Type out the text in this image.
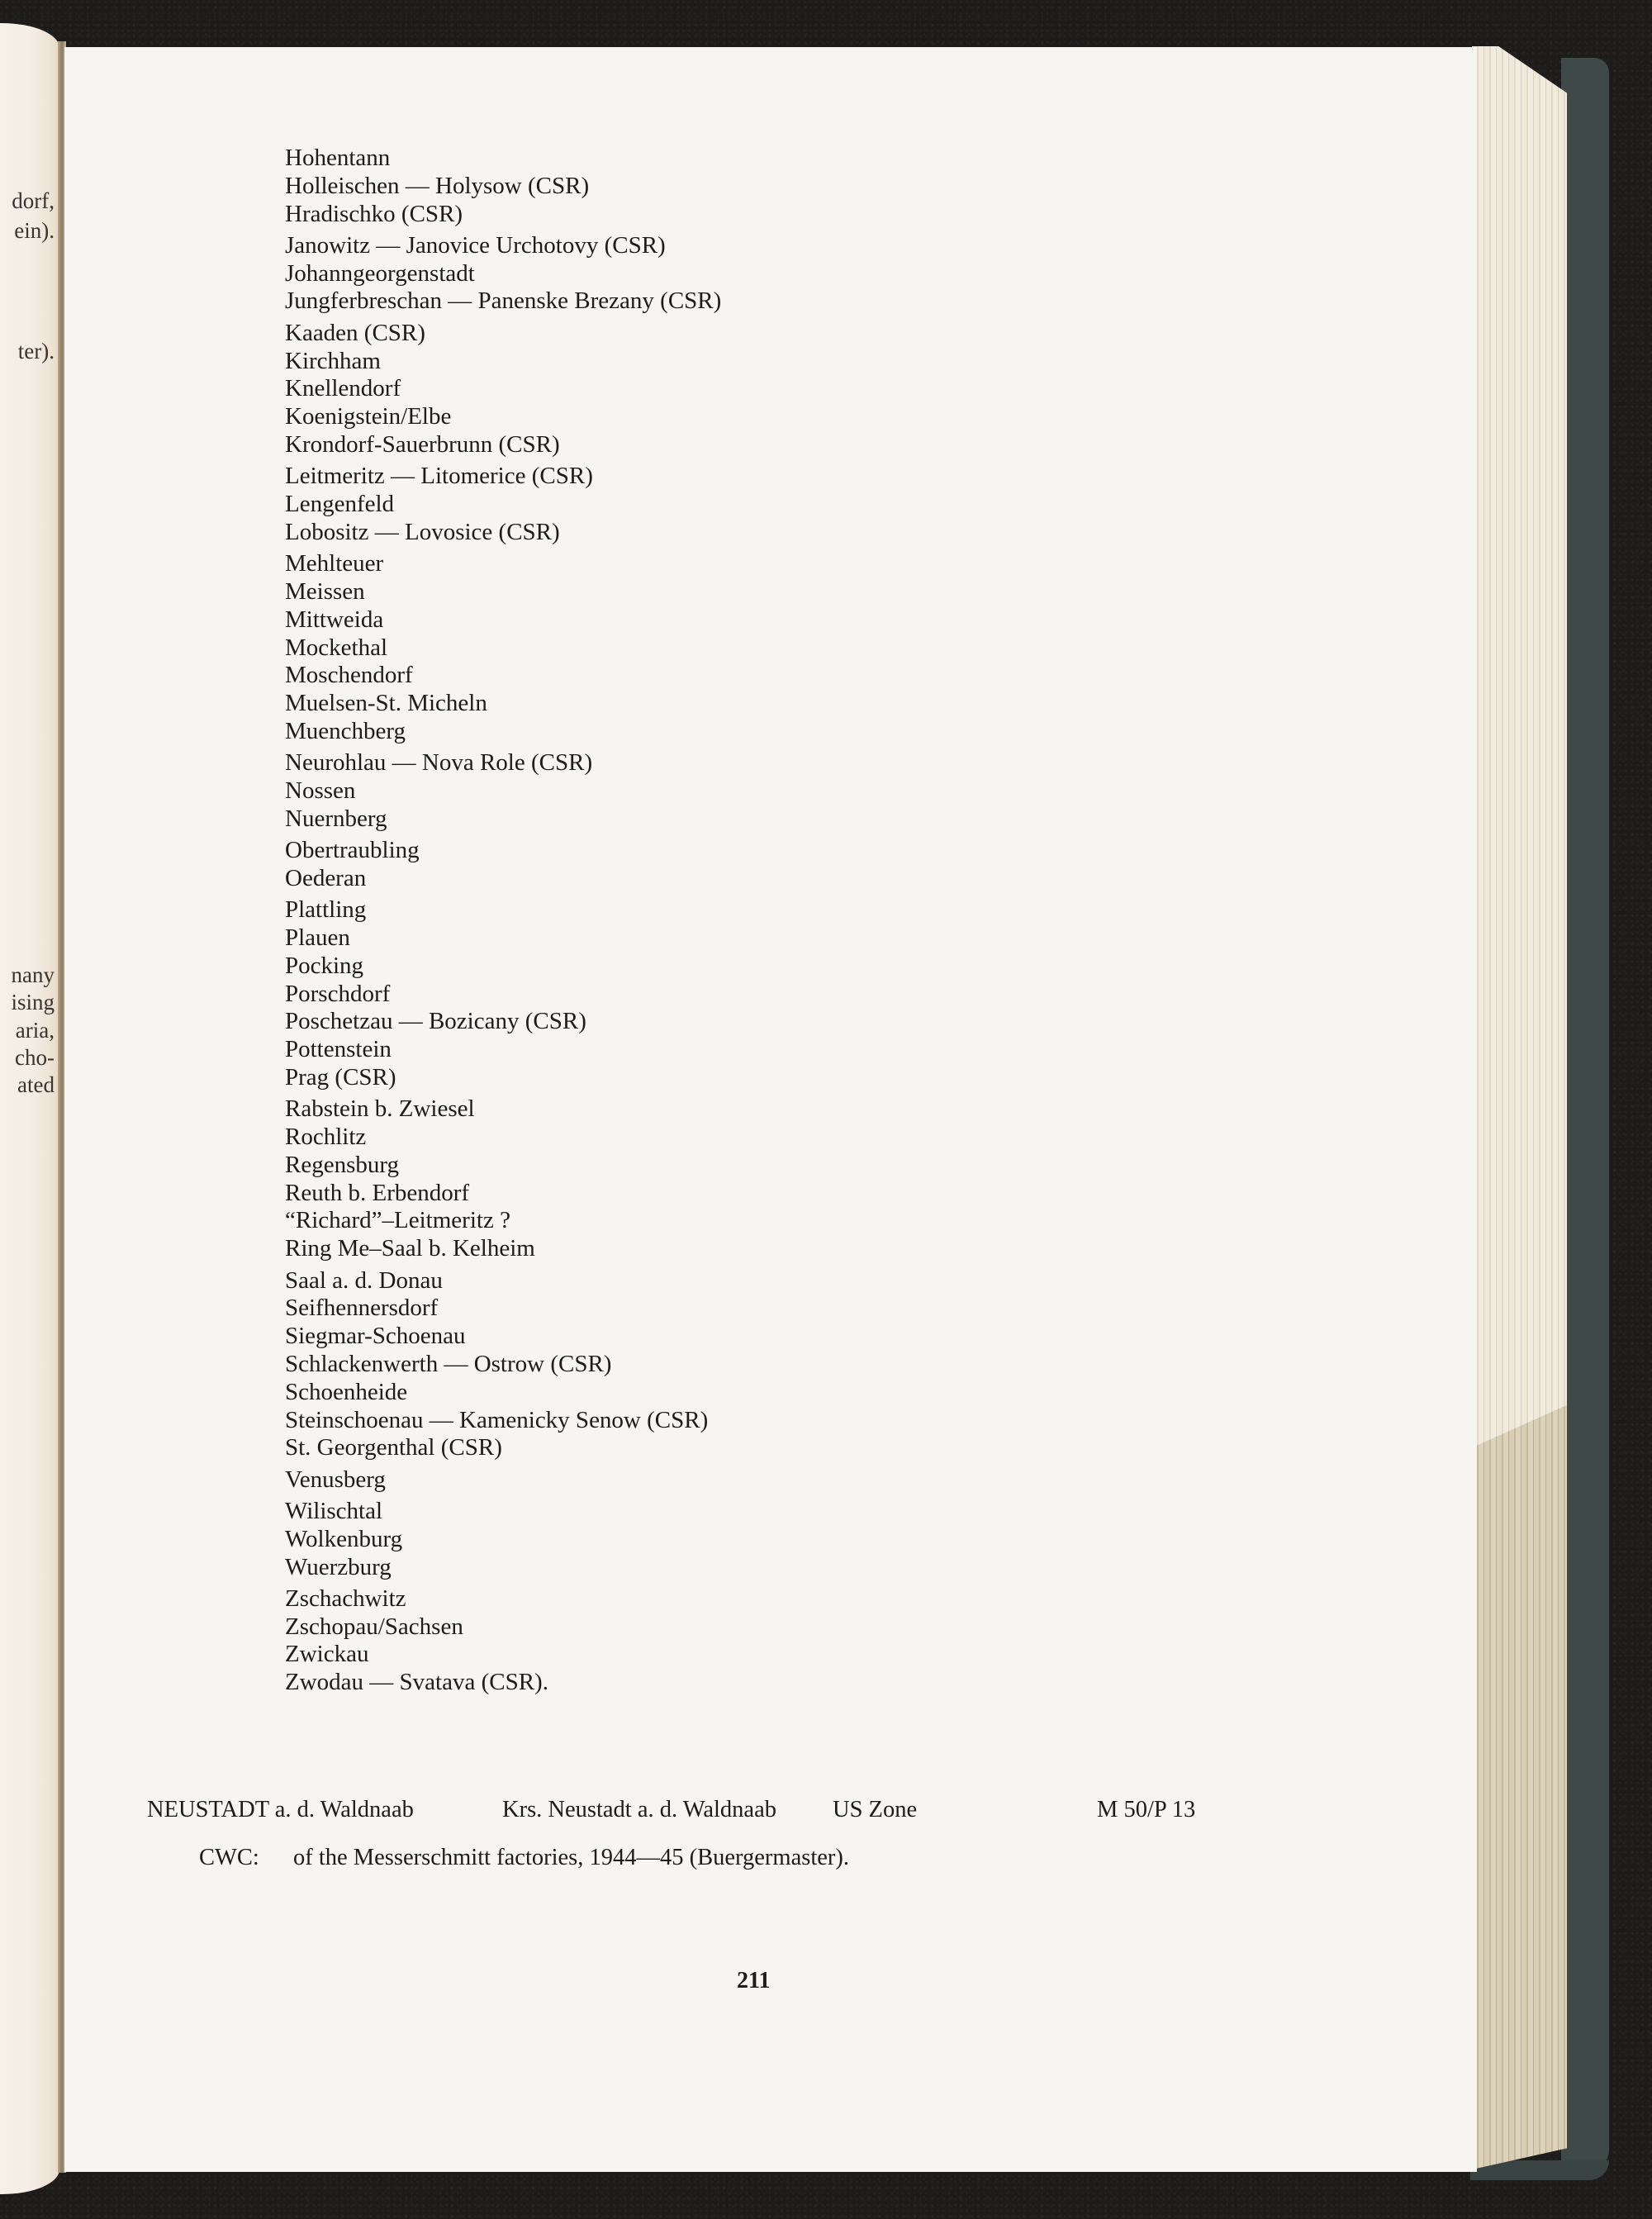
dorf,
ein).
ter).
nany
ising
aria,
cho-
ated
Hohentann
Holleischen — Holysow (CSR)
Hradischko (CSR)
Janowitz — Janovice Urchotovy (CSR)
Johanngeorgenstadt
Jungferbreschan — Panenske Brezany (CSR)
Kaaden (CSR)
Kirchham
Knellendorf
Koenigstein/Elbe
Krondorf-Sauerbrunn (CSR)
Leitmeritz — Litomerice (CSR)
Lengenfeld
Lobositz — Lovosice (CSR)
Mehlteuer
Meissen
Mittweida
Mockethal
Moschendorf
Muelsen-St. Micheln
Muenchberg
Neurohlau — Nova Role (CSR)
Nossen
Nuernberg
Obertraubling
Oederan
Plattling
Plauen
Pocking
Porschdorf
Poschetzau — Bozicany (CSR)
Pottenstein
Prag (CSR)
Rabstein b. Zwiesel
Rochlitz
Regensburg
Reuth b. Erbendorf
“Richard”–Leitmeritz ?
Ring Me–Saal b. Kelheim
Saal a. d. Donau
Seifhennersdorf
Siegmar-Schoenau
Schlackenwerth — Ostrow (CSR)
Schoenheide
Steinschoenau — Kamenicky Senow (CSR)
St. Georgenthal (CSR)
Venusberg
Wilischtal
Wolkenburg
Wuerzburg
Zschachwitz
Zschopau/Sachsen
Zwickau
Zwodau — Svatava (CSR).
NEUSTADT a. d. Waldnaab	Krs. Neustadt a. d. Waldnaab US Zone	M 50/P 13
CWC: of the Messerschmitt factories, 1944—45 (Buergermaster).
211
